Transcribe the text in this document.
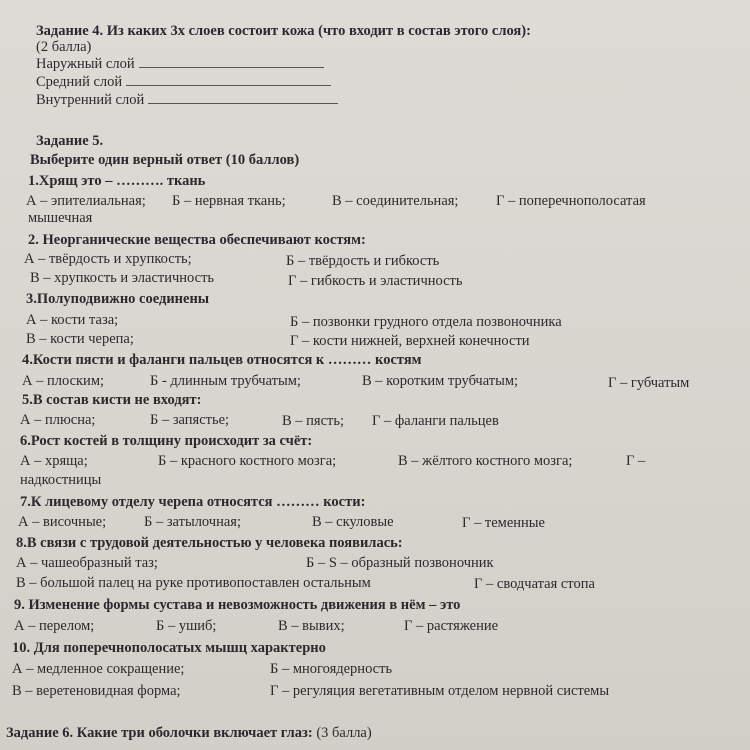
Задание 4. Из каких 3х слоев состоит кожа (что входит в состав этого слоя):
(2 балла)
Наружный слой
Средний слой
Внутренний слой
Задание 5.
Выберите один верный ответ (10 баллов)
1.Хрящ это – ………. ткань
А – эпителиальная; Б – нервная ткань;	В – соединительная;	Г – поперечнополосатая
мышечная
2. Неорганические вещества обеспечивают костям:
А – твёрдость и хрупкость;	Б – твёрдость и гибкость
В – хрупкость и эластичность	Г – гибкость и эластичность
3.Полуподвижно соединены
А – кости таза;	Б – позвонки грудного отдела позвоночника
В – кости черепа;	Г – кости нижней, верхней конечности
4.Кости пясти и фаланги пальцев относятся к ……… костям
А – плоским;	Б - длинным трубчатым;	В – коротким трубчатым;	Г – губчатым
5.В состав кисти не входят:
А – плюсна;	Б – запястье;	В – пясть; Г – фаланги пальцев
6.Рост костей в толщину происходит за счёт:
А – хряща;	Б – красного костного мозга;	В – жёлтого костного мозга;	Г –
надкостницы
7.К лицевому отделу черепа относятся ……… кости:
А – височные;	Б – затылочная;	В – скуловые	Г – теменные
8.В связи с трудовой деятельностью у человека появилась:
А – чашеобразный таз;	Б – S – образный позвоночник
В – большой палец на руке противопоставлен остальным	Г – сводчатая стопа
9. Изменение формы сустава и невозможность движения в нём – это
А – перелом;	Б – ушиб;	В – вывих;	Г – растяжение
10. Для поперечнополосатых мышц характерно
А – медленное сокращение;	Б – многоядерность
В – веретеновидная форма;	Г – регуляция вегетативным отделом нервной системы
Задание 6. Какие три оболочки включает глаз: (3 балла)
